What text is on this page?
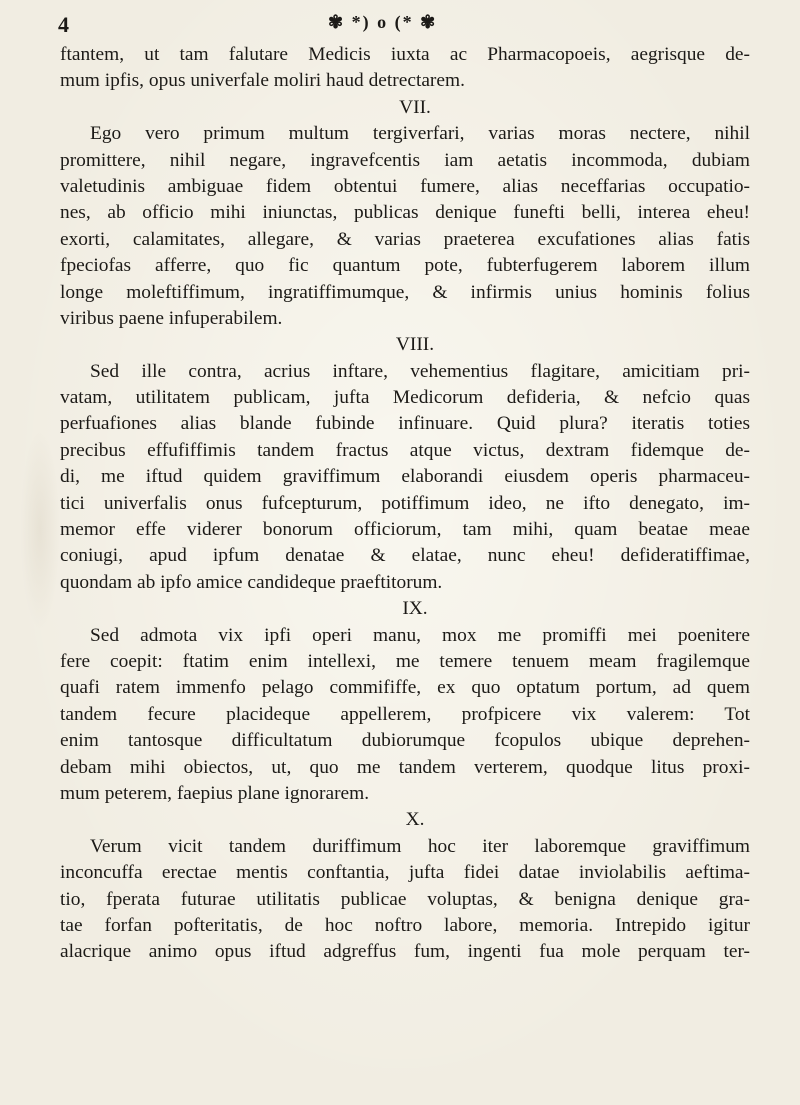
4	✾ *) o (* ✾
ftantem, ut tam falutare Medicis iuxta ac Pharmacopoeis, aegrisque de-
mum ipfis, opus univerfale moliri haud detrectarem.
VII.
Ego vero primum multum tergiverfari, varias moras nectere, nihil
promittere, nihil negare, ingravefcentis iam aetatis incommoda, dubiam
valetudinis ambiguae fidem obtentui fumere, alias neceffarias occupatio-
nes, ab officio mihi iniunctas, publicas denique funefti belli, interea eheu!
exorti, calamitates, allegare, & varias praeterea excufationes alias fatis
fpeciofas afferre, quo fic quantum pote, fubterfugerem laborem illum
longe moleftiffimum, ingratiffimumque, & infirmis unius hominis folius
viribus paene infuperabilem.
VIII.
Sed ille contra, acrius inftare, vehementius flagitare, amicitiam pri-
vatam, utilitatem publicam, jufta Medicorum defideria, & nefcio quas
perfuafiones alias blande fubinde infinuare. Quid plura? iteratis toties
precibus effufiffimis tandem fractus atque victus, dextram fidemque de-
di, me iftud quidem graviffimum elaborandi eiusdem operis pharmaceu-
tici univerfalis onus fufcepturum, potiffimum ideo, ne ifto denegato, im-
memor effe viderer bonorum officiorum, tam mihi, quam beatae meae
coniugi, apud ipfum denatae & elatae, nunc eheu! defideratiffimae,
quondam ab ipfo amice candideque praeftitorum.
IX.
Sed admota vix ipfi operi manu, mox me promiffi mei poenitere
fere coepit: ftatim enim intellexi, me temere tenuem meam fragilemque
quafi ratem immenfo pelago commififfe, ex quo optatum portum, ad quem
tandem fecure placideque appellerem, profpicere vix valerem: Tot
enim tantosque difficultatum dubiorumque fcopulos ubique deprehen-
debam mihi obiectos, ut, quo me tandem verterem, quodque litus proxi-
mum peterem, faepius plane ignorarem.
X.
Verum vicit tandem duriffimum hoc iter laboremque graviffimum
inconcuffa erectae mentis conftantia, jufta fidei datae inviolabilis aeftima-
tio, fperata futurae utilitatis publicae voluptas, & benigna denique gra-
tae forfan pofteritatis, de hoc noftro labore, memoria. Intrepido igitur
alacrique animo opus iftud adgreffus fum, ingenti fua mole perquam ter-
